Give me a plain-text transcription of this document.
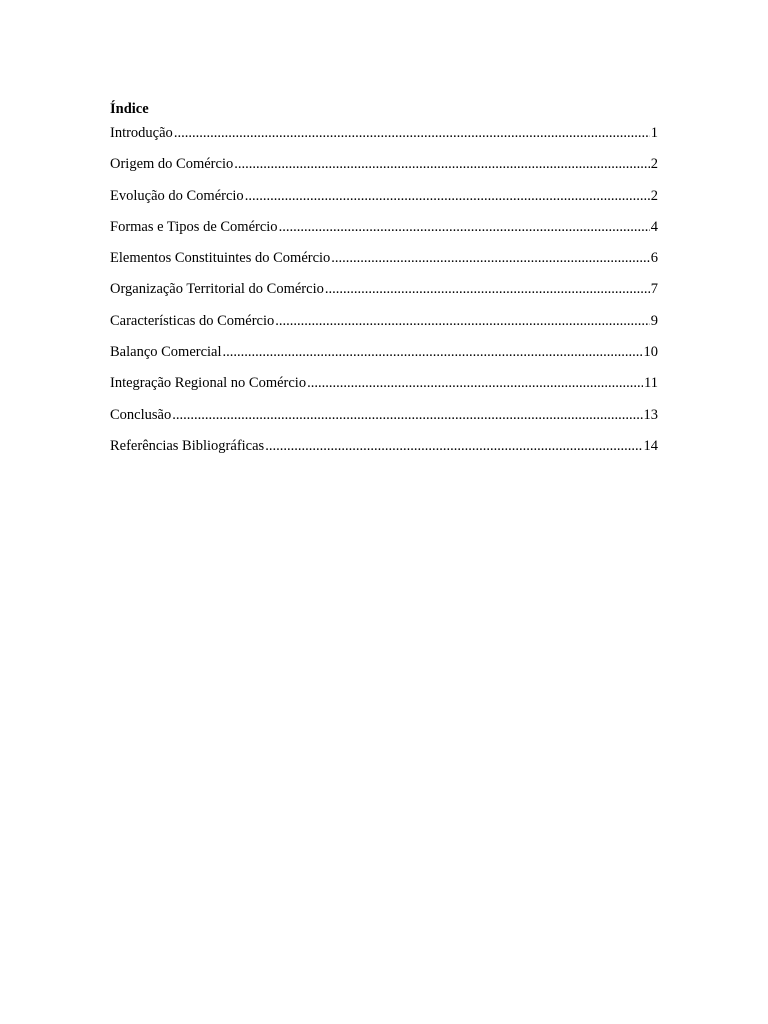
Índice
Introdução .....	1
Origem do Comércio .....	2
Evolução do Comércio .....	2
Formas e Tipos de Comércio .....	4
Elementos Constituintes do Comércio .....	6
Organização Territorial do Comércio .....	7
Características do Comércio .....	9
Balanço Comercial .....	10
Integração Regional no Comércio .....	11
Conclusão .....	13
Referências Bibliográficas .....	14
